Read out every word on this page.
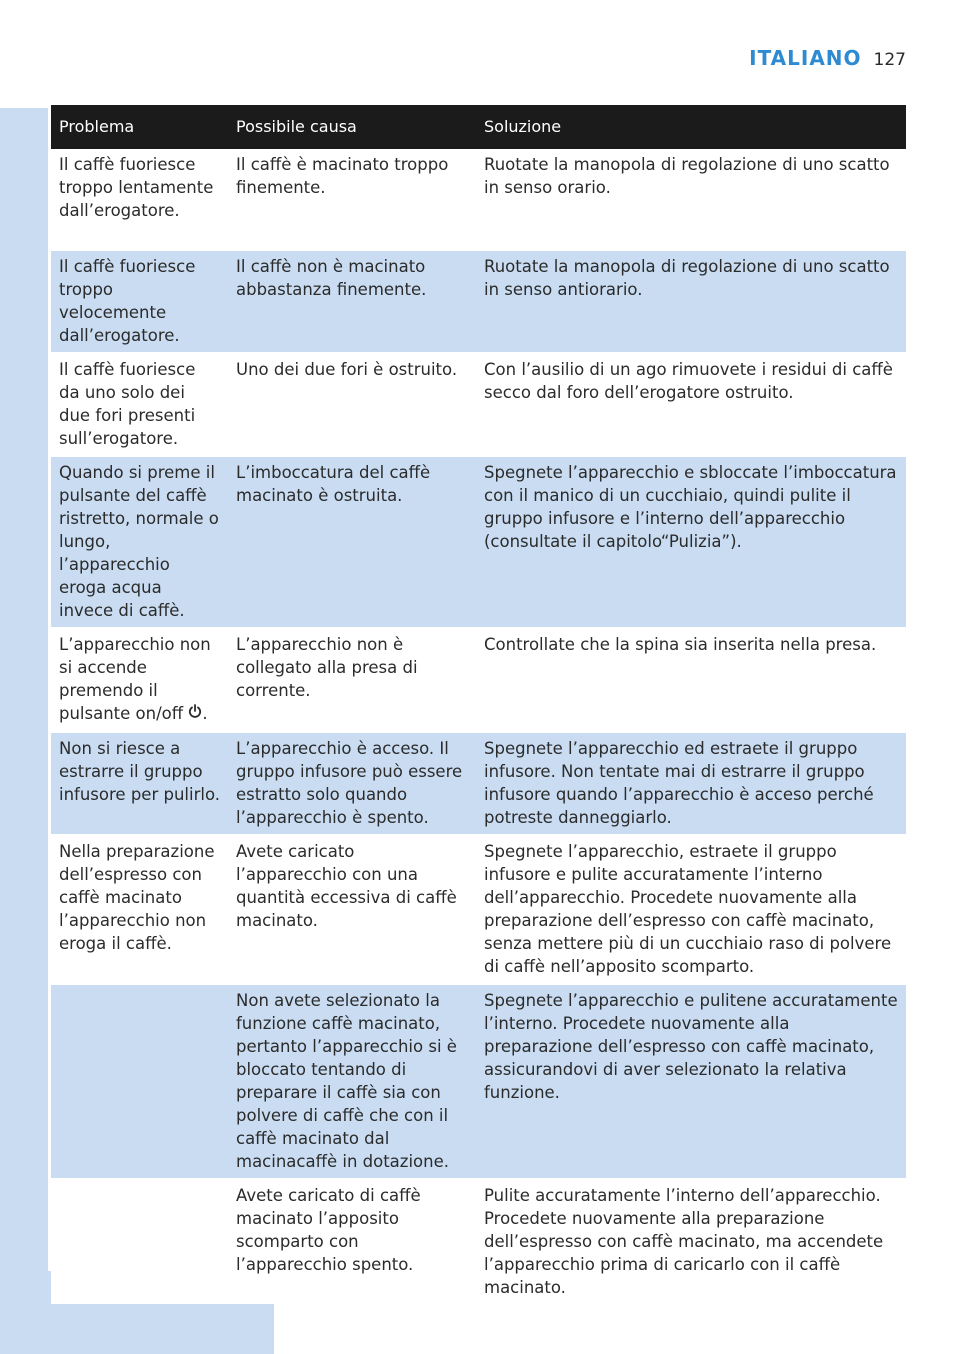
ITALIANO 127
Problema	Possibile causa	Soluzione
Il caffè fuoriesce troppo lentamente dall’erogatore.	Il caffè è macinato troppo finemente.	Ruotate la manopola di regolazione di uno scatto in senso orario.
Il caffè fuoriesce troppo velocemente dall’erogatore.	Il caffè non è macinato abbastanza finemente.	Ruotate la manopola di regolazione di uno scatto in senso antiorario.
Il caffè fuoriesce da uno solo dei due fori presenti sull’erogatore.	Uno dei due fori è ostruito.	Con l’ausilio di un ago rimuovete i residui di caffè secco dal foro dell’erogatore ostruito.
Quando si preme il pulsante del caffè ristretto, normale o lungo, l’apparecchio eroga acqua invece di caffè.	L’imboccatura del caffè macinato è ostruita.	Spegnete l’apparecchio e sbloccate l’imboccatura con il manico di un cucchiaio, quindi pulite il gruppo infusore e l’interno dell’apparecchio (consultate il capitolo“Pulizia”).
L’apparecchio non si accende premendo il pulsante on/off .	L’apparecchio non è collegato alla presa di corrente.	Controllate che la spina sia inserita nella presa.
Non si riesce a estrarre il gruppo infusore per pulirlo.	L’apparecchio è acceso. Il gruppo infusore può essere estratto solo quando l’apparecchio è spento.	Spegnete l’apparecchio ed estraete il gruppo infusore. Non tentate mai di estrarre il gruppo infusore quando l’apparecchio è acceso perché potreste danneggiarlo.
Nella preparazione dell’espresso con caffè macinato l’apparecchio non eroga il caffè.	Avete caricato l’apparecchio con una quantità eccessiva di caffè macinato.	Spegnete l’apparecchio, estraete il gruppo infusore e pulite accuratamente l’interno dell’apparecchio. Procedete nuovamente alla preparazione dell’espresso con caffè macinato, senza mettere più di un cucchiaio raso di polvere di caffè nell’apposito scomparto.
	Non avete selezionato la funzione caffè macinato, pertanto l’apparecchio si è bloccato tentando di preparare il caffè sia con polvere di caffè che con il caffè macinato dal macinacaffè in dotazione.	Spegnete l’apparecchio e pulitene accuratamente l’interno. Procedete nuovamente alla preparazione dell’espresso con caffè macinato, assicurandovi di aver selezionato la relativa funzione.
	Avete caricato di caffè macinato l’apposito scomparto con l’apparecchio spento.	Pulite accuratamente l’interno dell’apparecchio. Procedete nuovamente alla preparazione dell’espresso con caffè macinato, ma accendete l’apparecchio prima di caricarlo con il caffè macinato.
